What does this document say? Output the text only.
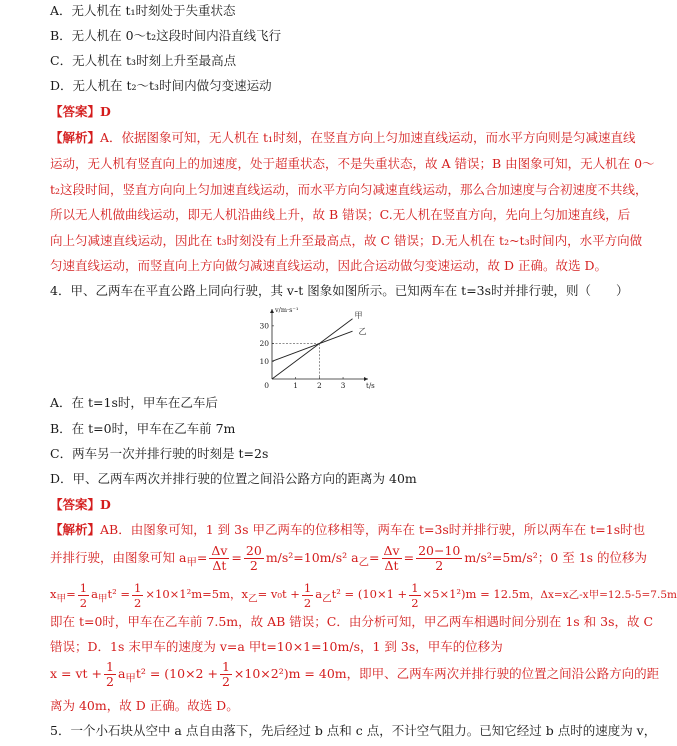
A．无人机在 t₁时刻处于失重状态
B．无人机在 0～t₂这段时间内沿直线飞行
C．无人机在 t₃时刻上升至最高点
D．无人机在 t₂～t₃时间内做匀变速运动
【答案】D
【解析】A．依据图象可知，无人机在 t₁时刻，在竖直方向上匀加速直线运动，而水平方向则是匀减速直线
运动，无人机有竖直向上的加速度，处于超重状态，不是失重状态，故 A 错误；B 由图象可知，无人机在 0～
t₂这段时间，竖直方向向上匀加速直线运动，而水平方向匀减速直线运动，那么合加速度与合初速度不共线，
所以无人机做曲线运动，即无人机沿曲线上升，故 B 错误；C.无人机在竖直方向，先向上匀加速直线，后
向上匀减速直线运动，因此在 t₃时刻没有上升至最高点，故 C 错误；D.无人机在 t₂~t₃时间内，水平方向做
匀速直线运动，而竖直向上方向做匀减速直线运动，因此合运动做匀变速运动，故 D 正确。故选 D。
4．甲、乙两车在平直公路上同向行驶，其 v-t 图象如图所示。已知两车在 t=3s时并排行驶，则（　　）
1	2	3
10
20
30
0
v/m·s⁻¹
t/s
甲
乙
A．在 t=1s时，甲车在乙车后
B．在 t=0时，甲车在乙车前 7m
C．两车另一次并排行驶的时刻是 t=2s
D．甲、乙两车两次并排行驶的位置之间沿公路方向的距离为 40m
【答案】D
【解析】AB．由图象可知，1 到 3s 甲乙两车的位移相等，两车在 t=3s时并排行驶，所以两车在 t=1s时也
并排行驶，由图象可知 $a_甲= \frac{\Delta v}{\Delta t} = \frac{20}{2} m/s^2=10m/s^2$ $a_乙= \frac{\Delta v}{\Delta t} = \frac{20-10}{2} m/s^2=5m/s^2$；0 至 1s 的位移为
$x_甲= \frac{1}{2} a_甲t^2 = \frac{1}{2} \times 10\times 1^2m=5m$，$x_乙= v_0t + \frac{1}{2} a_乙t^2 = (10\times 1 + \frac{1}{2} \times 5\times 1^2)m = 12.5m$，Δx=x乙-x甲=12.5-5=7.5m
即在 t=0时，甲车在乙车前 7.5m，故 AB 错误；C．由分析可知，甲乙两车相遇时间分别在 1s 和 3s，故 C
错误；D．1s 末甲车的速度为 v=a 甲t=10×1=10m/s，1 到 3s，甲车的位移为
x = vt + $\frac{1}{2} a_甲t^2 = (10\times 2 + \frac{1}{2} \times 10\times 2^2)m = 40m$，即甲、乙两车两次并排行驶的位置之间沿公路方向的距
离为 40m，故 D 正确。故选 D。
5．一个小石块从空中 a 点自由落下，先后经过 b 点和 c 点，不计空气阻力。已知它经过 b 点时的速度为 v，
